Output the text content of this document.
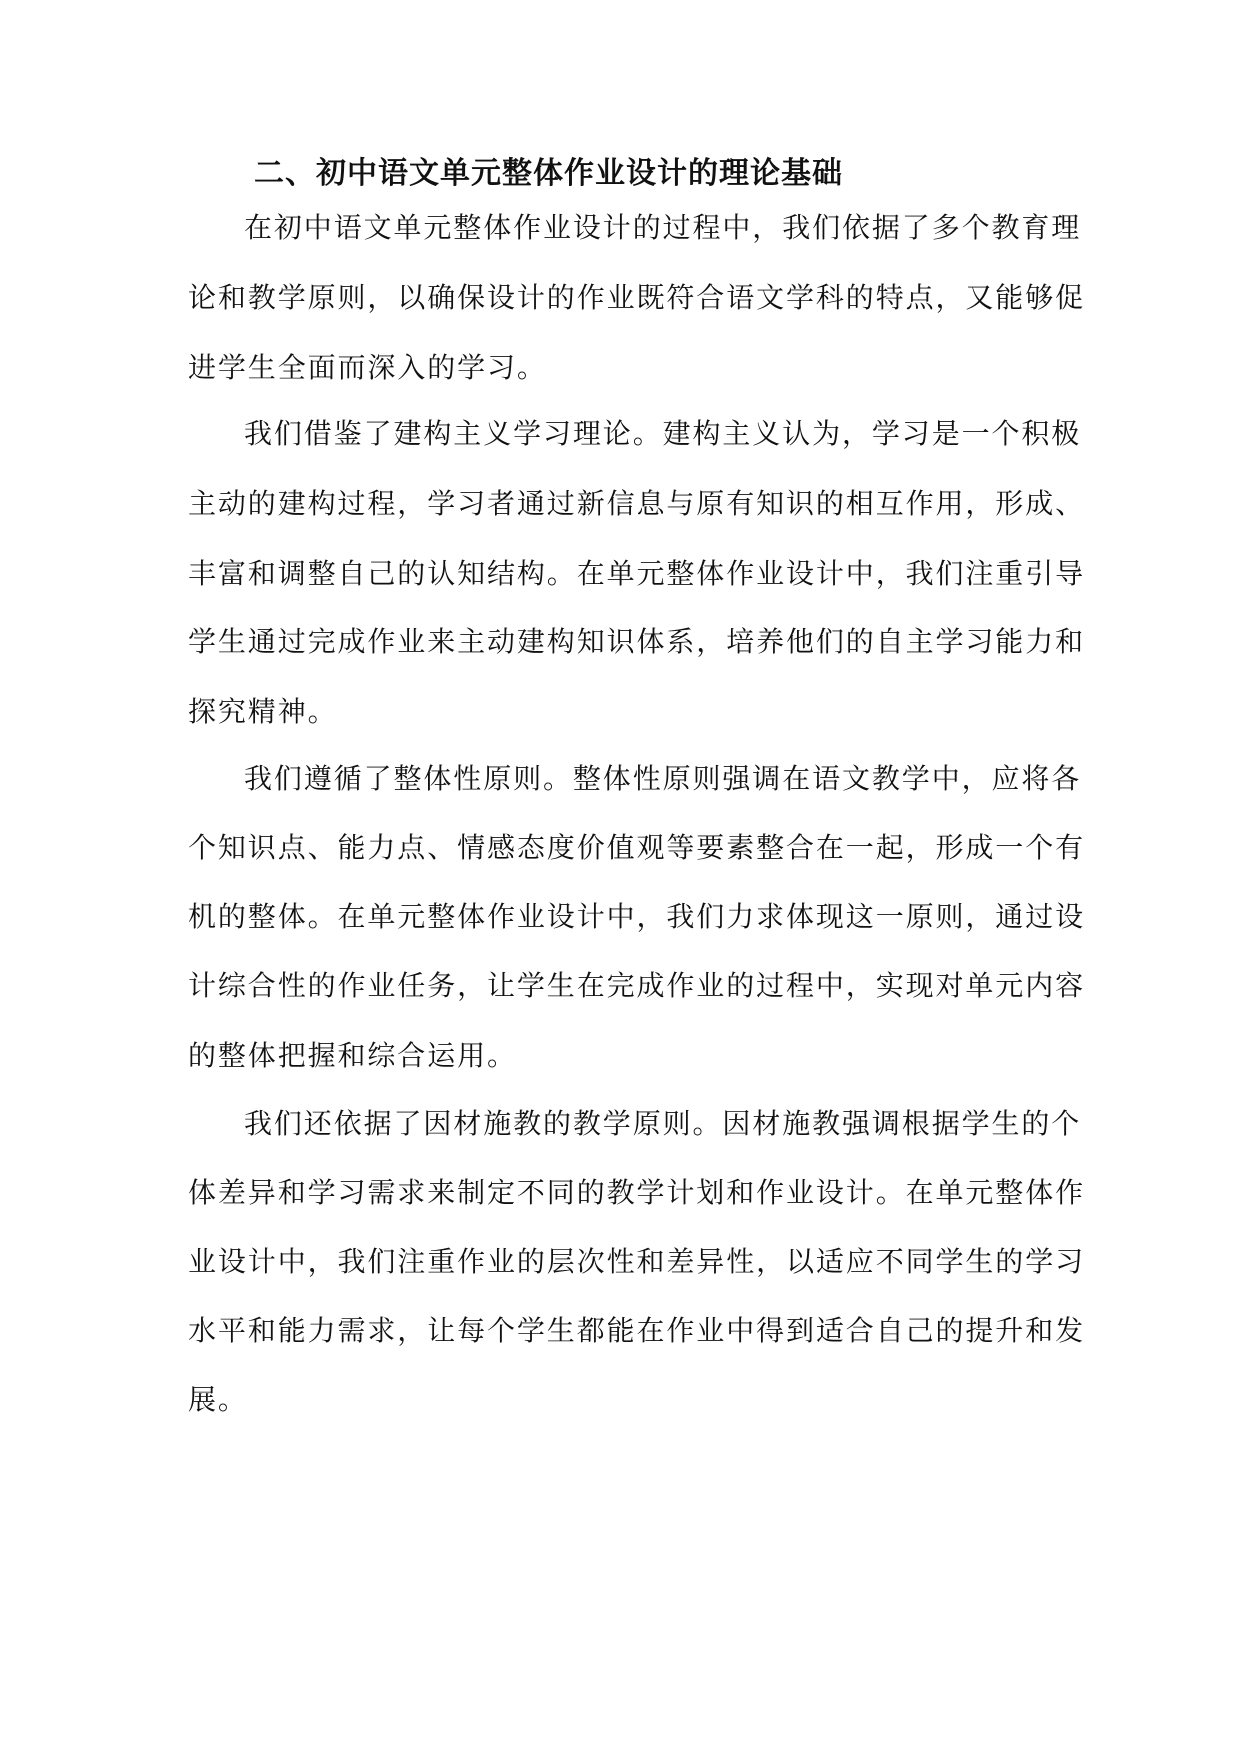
二、初中语文单元整体作业设计的理论基础
在初中语文单元整体作业设计的过程中，我们依据了多个教育理
论和教学原则，以确保设计的作业既符合语文学科的特点，又能够促
进学生全面而深入的学习。
我们借鉴了建构主义学习理论。建构主义认为，学习是一个积极
主动的建构过程，学习者通过新信息与原有知识的相互作用，形成、
丰富和调整自己的认知结构。在单元整体作业设计中，我们注重引导
学生通过完成作业来主动建构知识体系，培养他们的自主学习能力和
探究精神。
我们遵循了整体性原则。整体性原则强调在语文教学中，应将各
个知识点、能力点、情感态度价值观等要素整合在一起，形成一个有
机的整体。在单元整体作业设计中，我们力求体现这一原则，通过设
计综合性的作业任务，让学生在完成作业的过程中，实现对单元内容
的整体把握和综合运用。
我们还依据了因材施教的教学原则。因材施教强调根据学生的个
体差异和学习需求来制定不同的教学计划和作业设计。在单元整体作
业设计中，我们注重作业的层次性和差异性，以适应不同学生的学习
水平和能力需求，让每个学生都能在作业中得到适合自己的提升和发
展。
